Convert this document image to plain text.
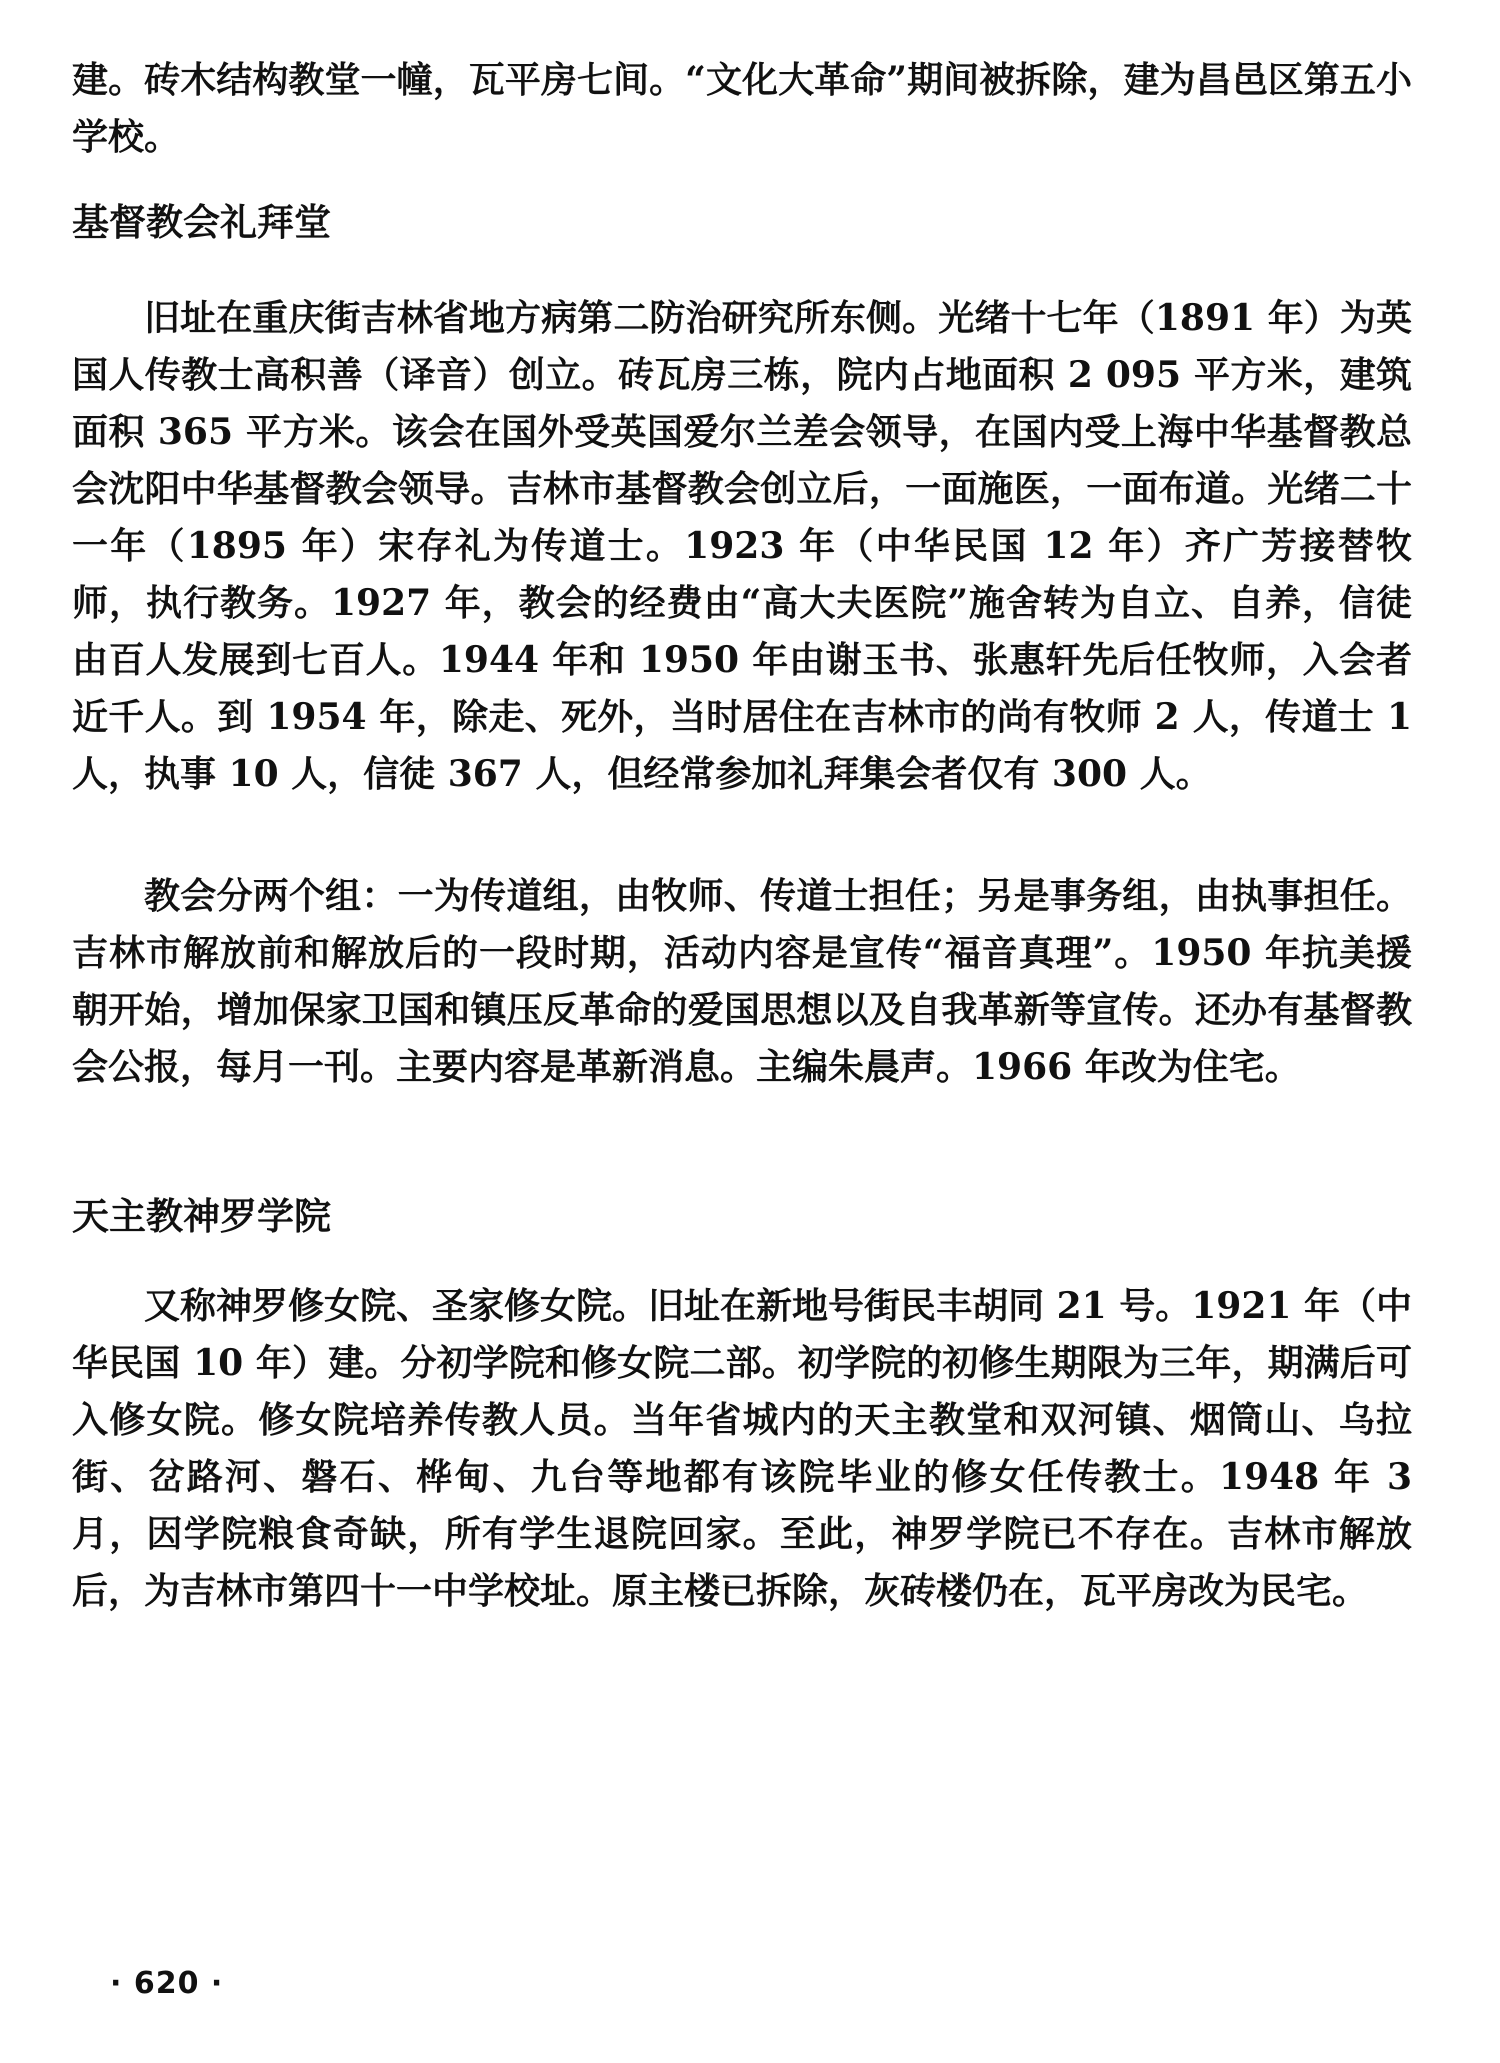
建。砖木结构教堂一幢，瓦平房七间。“文化大革命”期间被拆除，建为昌邑区第五小学校。

基督教会礼拜堂

旧址在重庆街吉林省地方病第二防治研究所东侧。光绪十七年（1891 年）为英国人传教士高积善（译音）创立。砖瓦房三栋，院内占地面积 2 095 平方米，建筑面积 365 平方米。该会在国外受英国爱尔兰差会领导，在国内受上海中华基督教总会沈阳中华基督教会领导。吉林市基督教会创立后，一面施医，一面布道。光绪二十一年（1895 年）宋存礼为传道士。1923 年（中华民国 12 年）齐广芳接替牧师，执行教务。1927 年，教会的经费由“高大夫医院”施舍转为自立、自养，信徒由百人发展到七百人。1944 年和 1950 年由谢玉书、张惠轩先后任牧师，入会者近千人。到 1954 年，除走、死外，当时居住在吉林市的尚有牧师 2 人，传道士 1 人，执事 10 人，信徒 367 人，但经常参加礼拜集会者仅有 300 人。

教会分两个组：一为传道组，由牧师、传道士担任；另是事务组，由执事担任。吉林市解放前和解放后的一段时期，活动内容是宣传“福音真理”。1950 年抗美援朝开始，增加保家卫国和镇压反革命的爱国思想以及自我革新等宣传。还办有基督教会公报，每月一刊。主要内容是革新消息。主编朱晨声。1966 年改为住宅。

天主教神罗学院

又称神罗修女院、圣家修女院。旧址在新地号街民丰胡同 21 号。1921 年（中华民国 10 年）建。分初学院和修女院二部。初学院的初修生期限为三年，期满后可入修女院。修女院培养传教人员。当年省城内的天主教堂和双河镇、烟筒山、乌拉街、岔路河、磐石、桦甸、九台等地都有该院毕业的修女任传教士。1948 年 3 月，因学院粮食奇缺，所有学生退院回家。至此，神罗学院已不存在。吉林市解放后，为吉林市第四十一中学校址。原主楼已拆除，灰砖楼仍在，瓦平房改为民宅。

· 620 ·
